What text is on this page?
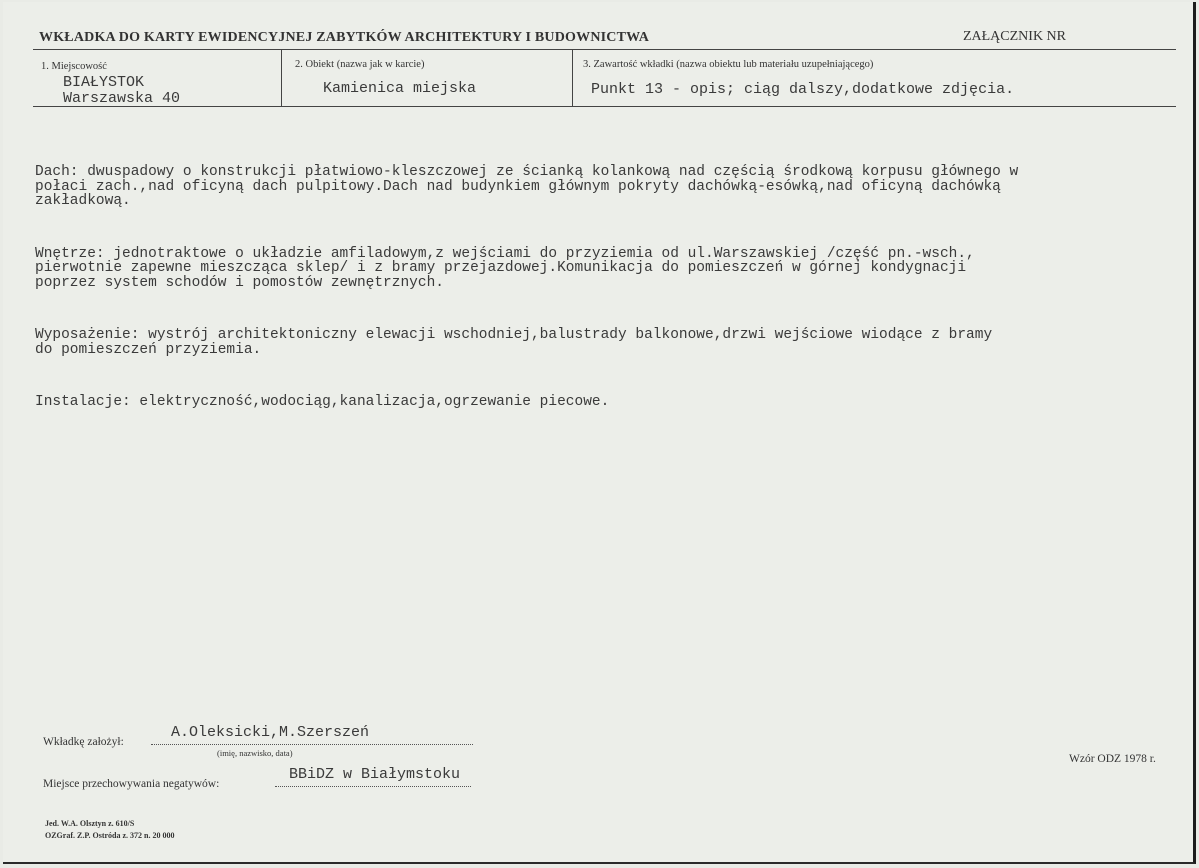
WKŁADKA DO KARTY EWIDENCYJNEJ ZABYTKÓW ARCHITEKTURY I BUDOWNICTWA	ZAŁĄCZNIK NR
1. Miejscowość
BIAŁYSTOK
Warszawska 40
2. Obiekt (nazwa jak w karcie)
Kamienica miejska
3. Zawartość wkładki (nazwa obiektu lub materiału uzupełniającego)
Punkt 13 - opis; ciąg dalszy,dodatkowe zdjęcia.

Dach: dwuspadowy o konstrukcji płatwiowo-kleszczowej ze ścianką kolankową nad częścią środkową korpusu głównego w
połaci zach.,nad oficyną dach pulpitowy.Dach nad budynkiem głównym pokryty dachówką-esówką,nad oficyną dachówką
zakładkową.

Wnętrze: jednotraktowe o układzie amfiladowym,z wejściami do przyziemia od ul.Warszawskiej /część pn.-wsch.,
pierwotnie zapewne mieszcząca sklep/ i z bramy przejazdowej.Komunikacja do pomieszczeń w górnej kondygnacji
poprzez system schodów i pomostów zewnętrznych.

Wyposażenie: wystrój architektoniczny elewacji wschodniej,balustrady balkonowe,drzwi wejściowe wiodące z bramy
do pomieszczeń przyziemia.

Instalacje: elektryczność,wodociąg,kanalizacja,ogrzewanie piecowe.

Wkładkę założył:
A.Oleksicki,M.Szerszeń
(imię, nazwisko, data)
Miejsce przechowywania negatywów:
BBiDZ w Białymstoku
Wzór ODZ 1978 r.
Jed. W.A. Olsztyn z. 610/S
OZGraf. Z.P. Ostróda z. 372 n. 20 000
